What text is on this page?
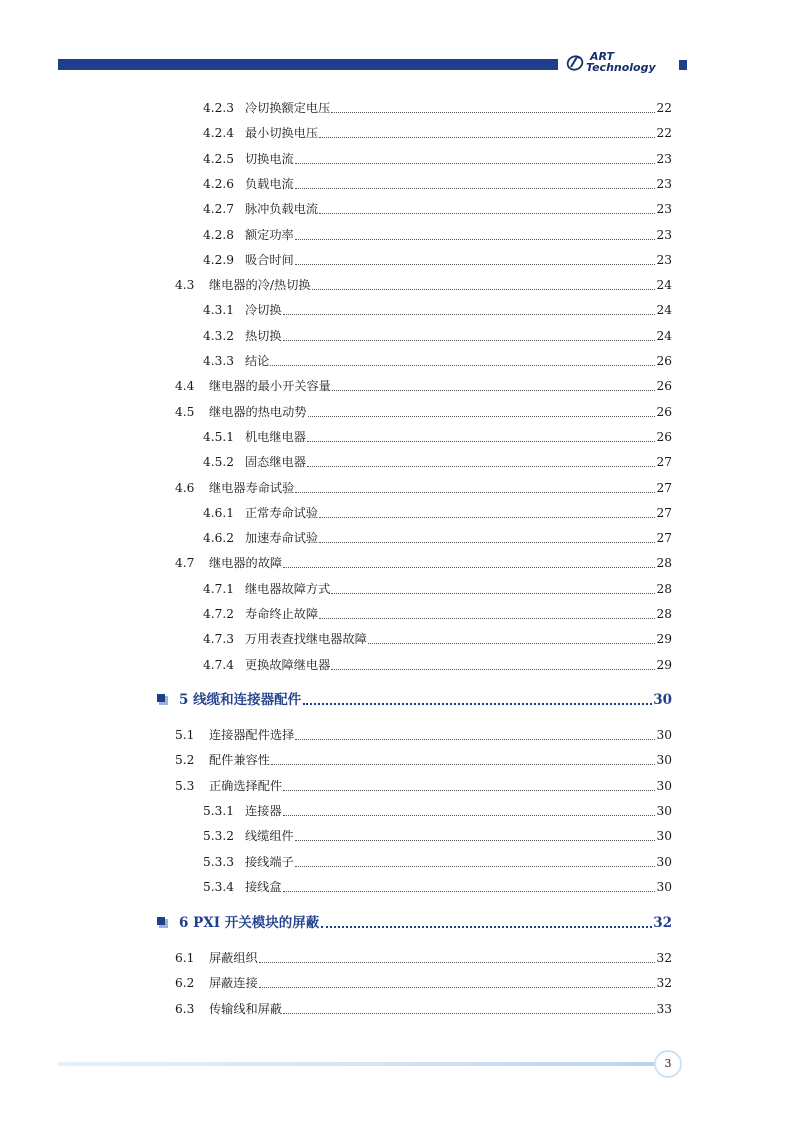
ART
Technology
4.2.3 冷切换额定电压	22
4.2.4 最小切换电压	22
4.2.5 切换电流	23
4.2.6 负载电流	23
4.2.7 脉冲负载电流	23
4.2.8 额定功率	23
4.2.9 吸合时间	23
4.3	继电器的冷/热切换	24
4.3.1 冷切换	24
4.3.2 热切换	24
4.3.3 结论	26
4.4	继电器的最小开关容量	26
4.5	继电器的热电动势	26
4.5.1 机电继电器	26
4.5.2 固态继电器	27
4.6	继电器寿命试验	27
4.6.1 正常寿命试验	27
4.6.2 加速寿命试验	27
4.7	继电器的故障	28
4.7.1 继电器故障方式	28
4.7.2 寿命终止故障	28
4.7.3 万用表查找继电器故障	29
4.7.4 更换故障继电器	29
5 线缆和连接器配件	30
5.1	连接器配件选择	30
5.2	配件兼容性	30
5.3	正确选择配件	30
5.3.1 连接器	30
5.3.2 线缆组件	30
5.3.3 接线端子	30
5.3.4 接线盒	30
6 PXI 开关模块的屏蔽	32
6.1	屏蔽组织	32
6.2	屏蔽连接	32
6.3	传输线和屏蔽	33
3
